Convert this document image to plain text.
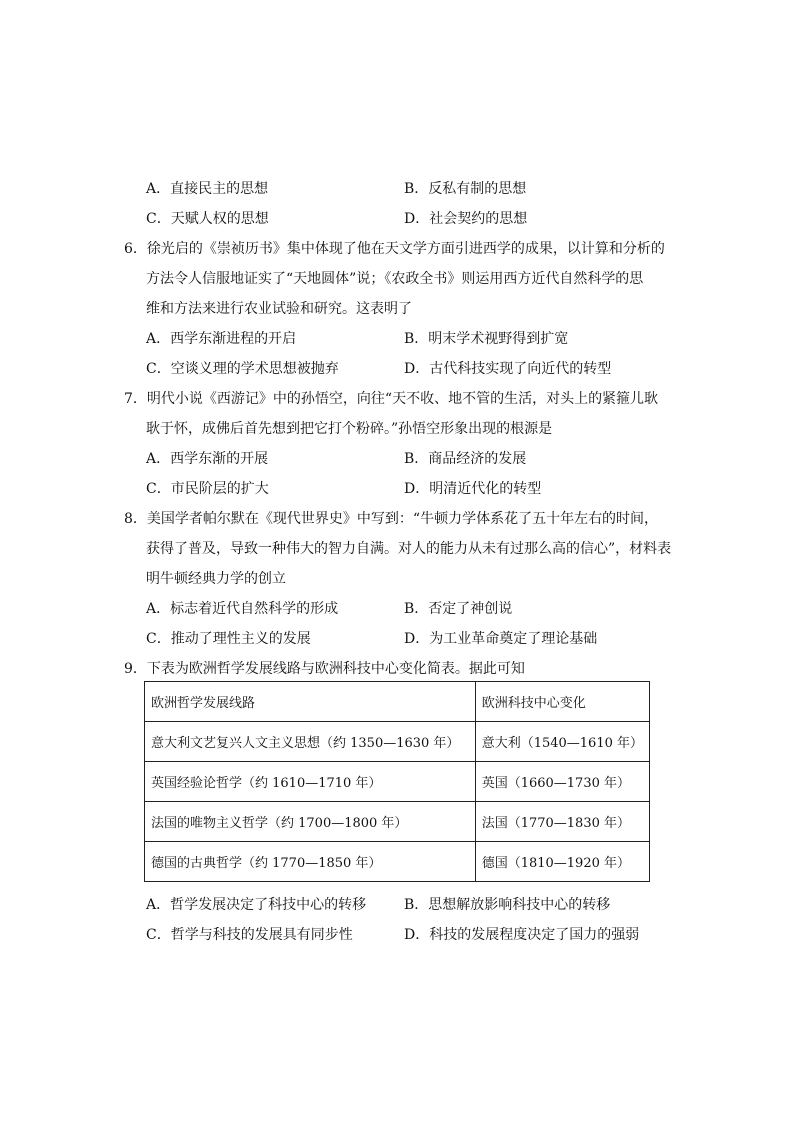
A．直接民主的思想	B．反私有制的思想
C．天赋人权的思想	D．社会契约的思想
6．徐光启的《崇祯历书》集中体现了他在天文学方面引进西学的成果，以计算和分析的
方法令人信服地证实了“天地圆体”说；《农政全书》则运用西方近代自然科学的思
维和方法来进行农业试验和研究。这表明了
A．西学东渐进程的开启	B．明末学术视野得到扩宽
C．空谈义理的学术思想被抛弃	D．古代科技实现了向近代的转型
7．明代小说《西游记》中的孙悟空，向往“天不收、地不管的生活，对头上的紧箍儿耿
耿于怀，成佛后首先想到把它打个粉碎。”孙悟空形象出现的根源是
A．西学东渐的开展	B．商品经济的发展
C．市民阶层的扩大	D．明清近代化的转型
8．美国学者帕尔默在《现代世界史》中写到：“牛顿力学体系花了五十年左右的时间，
获得了普及，导致一种伟大的智力自满。对人的能力从未有过那么高的信心”，材料表
明牛顿经典力学的创立
A．标志着近代自然科学的形成	B．否定了神创说
C．推动了理性主义的发展	D．为工业革命奠定了理论基础
9．下表为欧洲哲学发展线路与欧洲科技中心变化简表。据此可知
欧洲哲学发展线路	欧洲科技中心变化
意大利文艺复兴人文主义思想（约 1350—1630 年）	意大利（1540—1610 年）
英国经验论哲学（约 1610—1710 年）	英国（1660—1730 年）
法国的唯物主义哲学（约 1700—1800 年）	法国（1770—1830 年）
德国的古典哲学（约 1770—1850 年）	德国（1810—1920 年）
A．哲学发展决定了科技中心的转移	B．思想解放影响科技中心的转移
C．哲学与科技的发展具有同步性	D．科技的发展程度决定了国力的强弱
